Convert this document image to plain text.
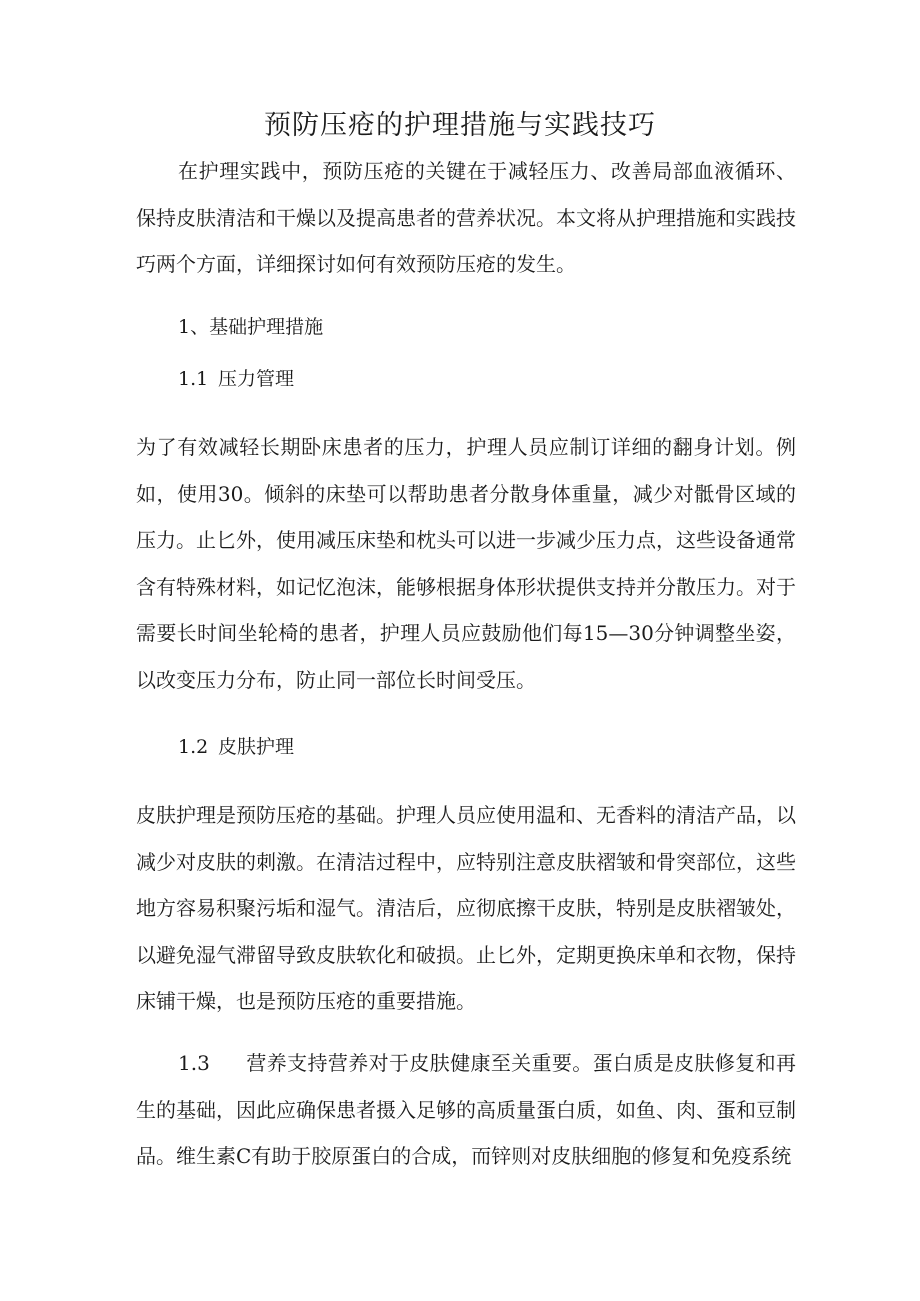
预防压疮的护理措施与实践技巧

在护理实践中，预防压疮的关键在于减轻压力、改善局部血液循环、保持皮肤清洁和干燥以及提高患者的营养状况。本文将从护理措施和实践技巧两个方面，详细探讨如何有效预防压疮的发生。

1、基础护理措施

1.1 压力管理

为了有效减轻长期卧床患者的压力，护理人员应制订详细的翻身计划。例如，使用30。倾斜的床垫可以帮助患者分散身体重量，减少对骶骨区域的压力。止匕外，使用减压床垫和枕头可以进一步减少压力点，这些设备通常含有特殊材料，如记忆泡沫，能够根据身体形状提供支持并分散压力。对于需要长时间坐轮椅的患者，护理人员应鼓励他们每15—30分钟调整坐姿，以改变压力分布，防止同一部位长时间受压。

1.2 皮肤护理

皮肤护理是预防压疮的基础。护理人员应使用温和、无香料的清洁产品，以减少对皮肤的刺激。在清洁过程中，应特别注意皮肤褶皱和骨突部位，这些地方容易积聚污垢和湿气。清洁后，应彻底擦干皮肤，特别是皮肤褶皱处，以避免湿气滞留导致皮肤软化和破损。止匕外，定期更换床单和衣物，保持床铺干燥，也是预防压疮的重要措施。

1.3 营养支持营养对于皮肤健康至关重要。蛋白质是皮肤修复和再生的基础，因此应确保患者摄入足够的高质量蛋白质，如鱼、肉、蛋和豆制品。维生素C有助于胶原蛋白的合成，而锌则对皮肤细胞的修复和免疫系统
